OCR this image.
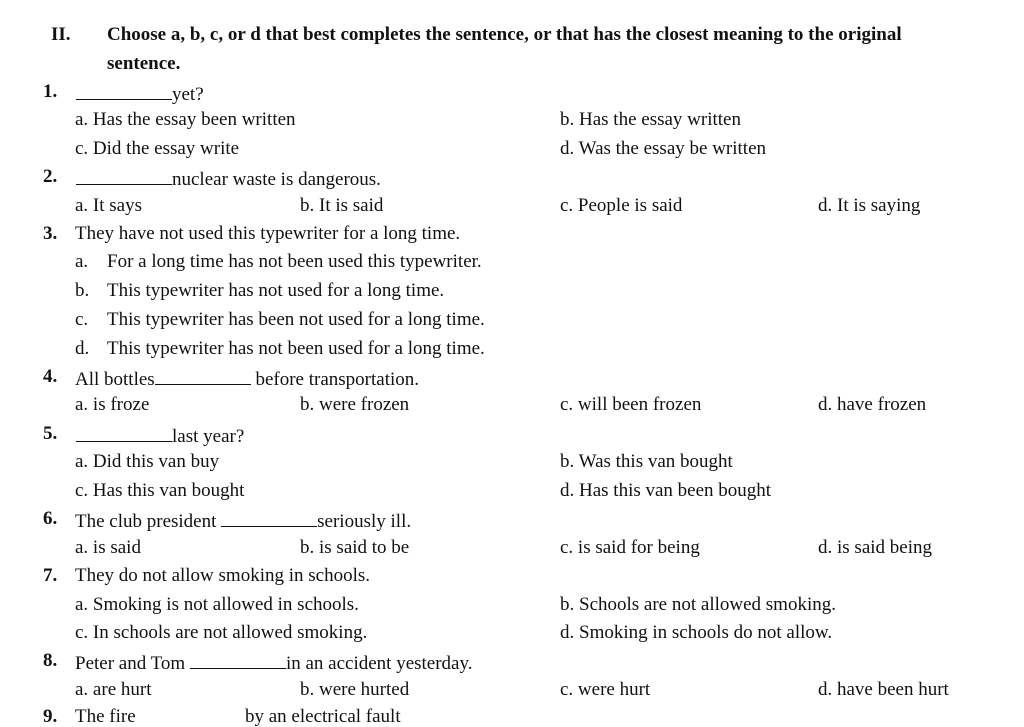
II. Choose a, b, c, or d that best completes the sentence, or that has the closest meaning to the original
sentence.
1.	yet?
a. Has the essay been written	b. Has the essay written
c. Did the essay write	d. Was the essay be written
2.	nuclear waste is dangerous.
a. It says	b. It is said	c. People is said	d. It is saying
3. They have not used this typewriter for a long time.
a. For a long time has not been used this typewriter.
b. This typewriter has not used for a long time.
c. This typewriter has been not used for a long time.
d. This typewriter has not been used for a long time.
4. All bottles	before transportation.
a. is froze	b. were frozen	c. will been frozen	d. have frozen
5.	last year?
a. Did this van buy	b. Was this van bought
c. Has this van bought	d. Has this van been bought
6. The club president	seriously ill.
a. is said	b. is said to be	c. is said for being	d. is said being
7. They do not allow smoking in schools.
a. Smoking is not allowed in schools.	b. Schools are not allowed smoking.
c. In schools are not allowed smoking.	d. Smoking in schools do not allow.
8. Peter and Tom	in an accident yesterday.
a. are hurt	b. were hurted	c. were hurt	d. have been hurt
9. The fire	by an electrical fault
